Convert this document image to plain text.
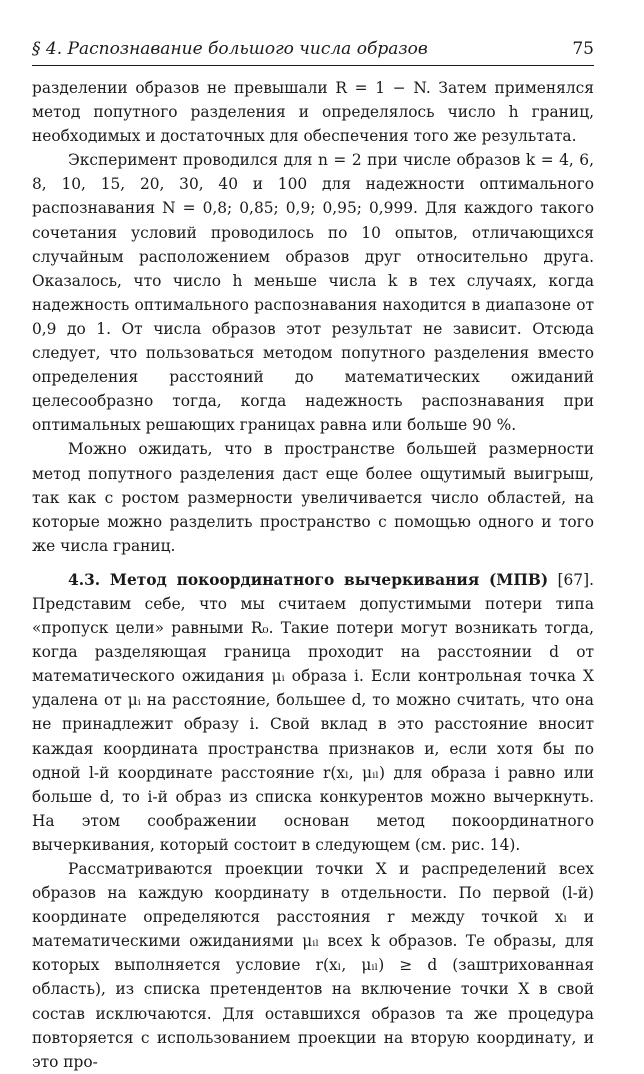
§ 4. Распознавание большого числа образов	75

разделении образов не превышали R = 1 − N. Затем применялся метод попутного разделения и определялось число h границ, необходимых и достаточных для обеспечения того же результата.

Эксперимент проводился для n = 2 при числе образов k = 4, 6, 8, 10, 15, 20, 30, 40 и 100 для надежности оптимального распознавания N = 0,8; 0,85; 0,9; 0,95; 0,999. Для каждого такого сочетания условий проводилось по 10 опытов, отличающихся случайным расположением образов друг относительно друга. Оказалось, что число h меньше числа k в тех случаях, когда надежность оптимального распознавания находится в диапазоне от 0,9 до 1. От числа образов этот результат не зависит. Отсюда следует, что пользоваться методом попутного разделения вместо определения расстояний до математических ожиданий целесообразно тогда, когда надежность распознавания при оптимальных решающих границах равна или больше 90 %.

Можно ожидать, что в пространстве большей размерности метод попутного разделения даст еще более ощутимый выигрыш, так как с ростом размерности увеличивается число областей, на которые можно разделить пространство с помощью одного и того же числа границ.

4.3. Метод покоординатного вычеркивания (МПВ) [67]. Представим себе, что мы считаем допустимыми потери типа «пропуск цели» равными R₀. Такие потери могут возникать тогда, когда разделяющая граница проходит на расстоянии d от математического ожидания μᵢ образа i. Если контрольная точка X удалена от μᵢ на расстояние, большее d, то можно считать, что она не принадлежит образу i. Свой вклад в это расстояние вносит каждая координата пространства признаков и, если хотя бы по одной l-й координате расстояние r(xₗ, μᵢₗ) для образа i равно или больше d, то i-й образ из списка конкурентов можно вычеркнуть. На этом соображении основан метод покоординатного вычеркивания, который состоит в следующем (см. рис. 14).

Рассматриваются проекции точки X и распределений всех образов на каждую координату в отдельности. По первой (l-й) координате определяются расстояния r между точкой xₗ и математическими ожиданиями μᵢₗ всех k образов. Те образы, для которых выполняется условие r(xₗ, μᵢₗ) ≥ d (заштрихованная область), из списка претендентов на включение точки X в свой состав исключаются. Для оставшихся образов та же процедура повторяется с использованием проекции на вторую координату, и это про-
